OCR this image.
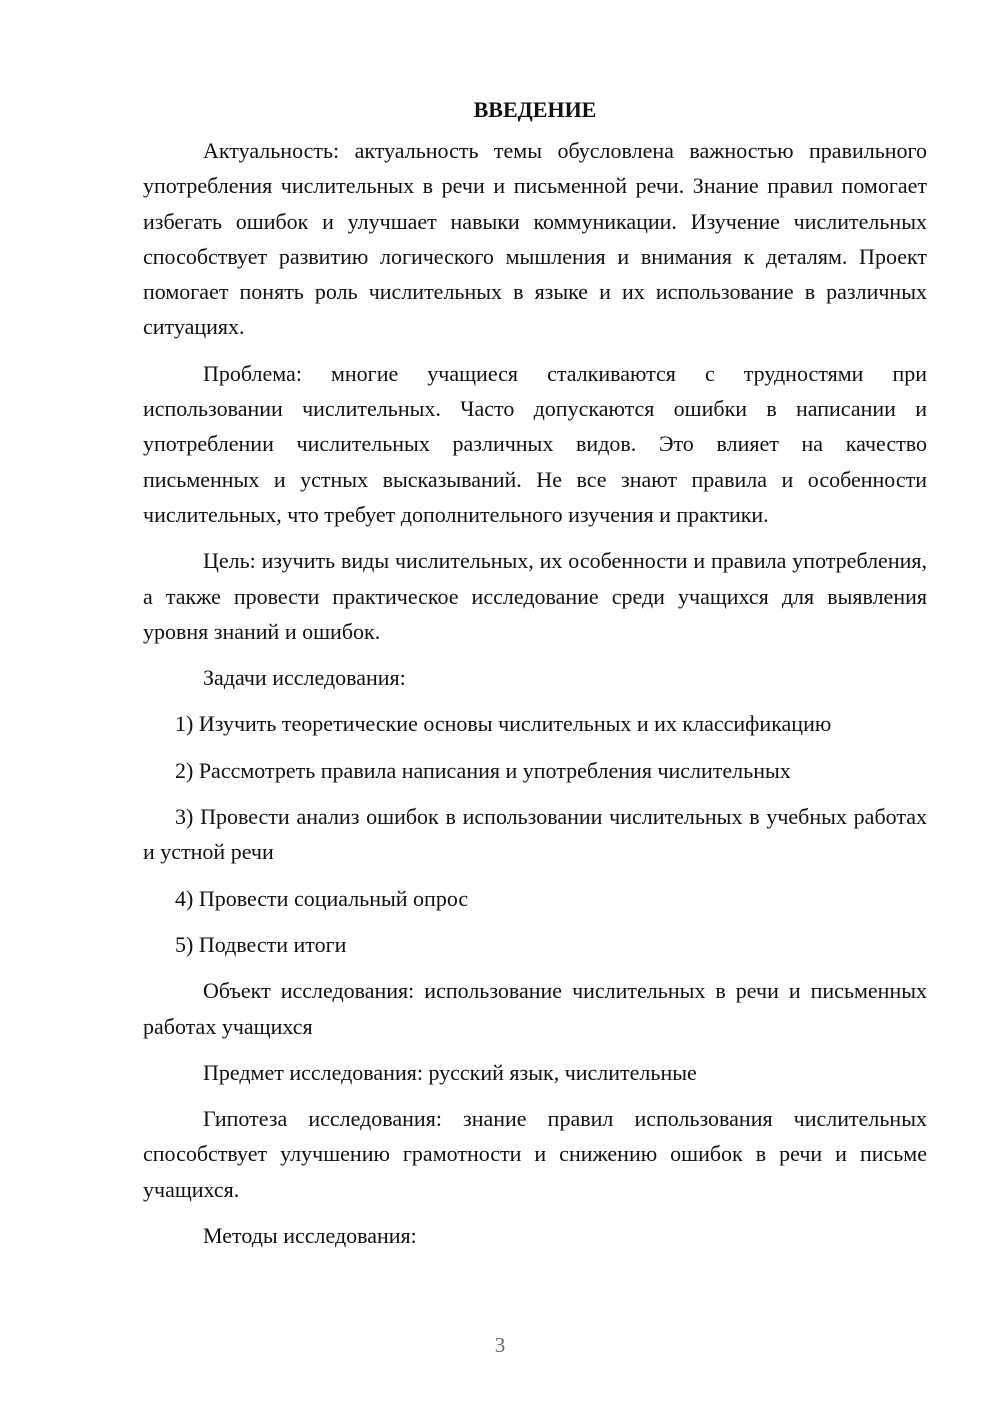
ВВЕДЕНИЕ

Актуальность: актуальность темы обусловлена важностью правильного употребления числительных в речи и письменной речи. Знание правил помогает избегать ошибок и улучшает навыки коммуникации. Изучение числительных способствует развитию логического мышления и внимания к деталям. Проект помогает понять роль числительных в языке и их использование в различных ситуациях.

Проблема: многие учащиеся сталкиваются с трудностями при использовании числительных. Часто допускаются ошибки в написании и употреблении числительных различных видов. Это влияет на качество письменных и устных высказываний. Не все знают правила и особенности числительных, что требует дополнительного изучения и практики.

Цель: изучить виды числительных, их особенности и правила употребления, а также провести практическое исследование среди учащихся для выявления уровня знаний и ошибок.

Задачи исследования:

1) Изучить теоретические основы числительных и их классификацию

2) Рассмотреть правила написания и употребления числительных

3) Провести анализ ошибок в использовании числительных в учебных работах и устной речи

4) Провести социальный опрос

5) Подвести итоги

Объект исследования: использование числительных в речи и письменных работах учащихся

Предмет исследования: русский язык, числительные

Гипотеза исследования: знание правил использования числительных способствует улучшению грамотности и снижению ошибок в речи и письме учащихся.

Методы исследования:

3
